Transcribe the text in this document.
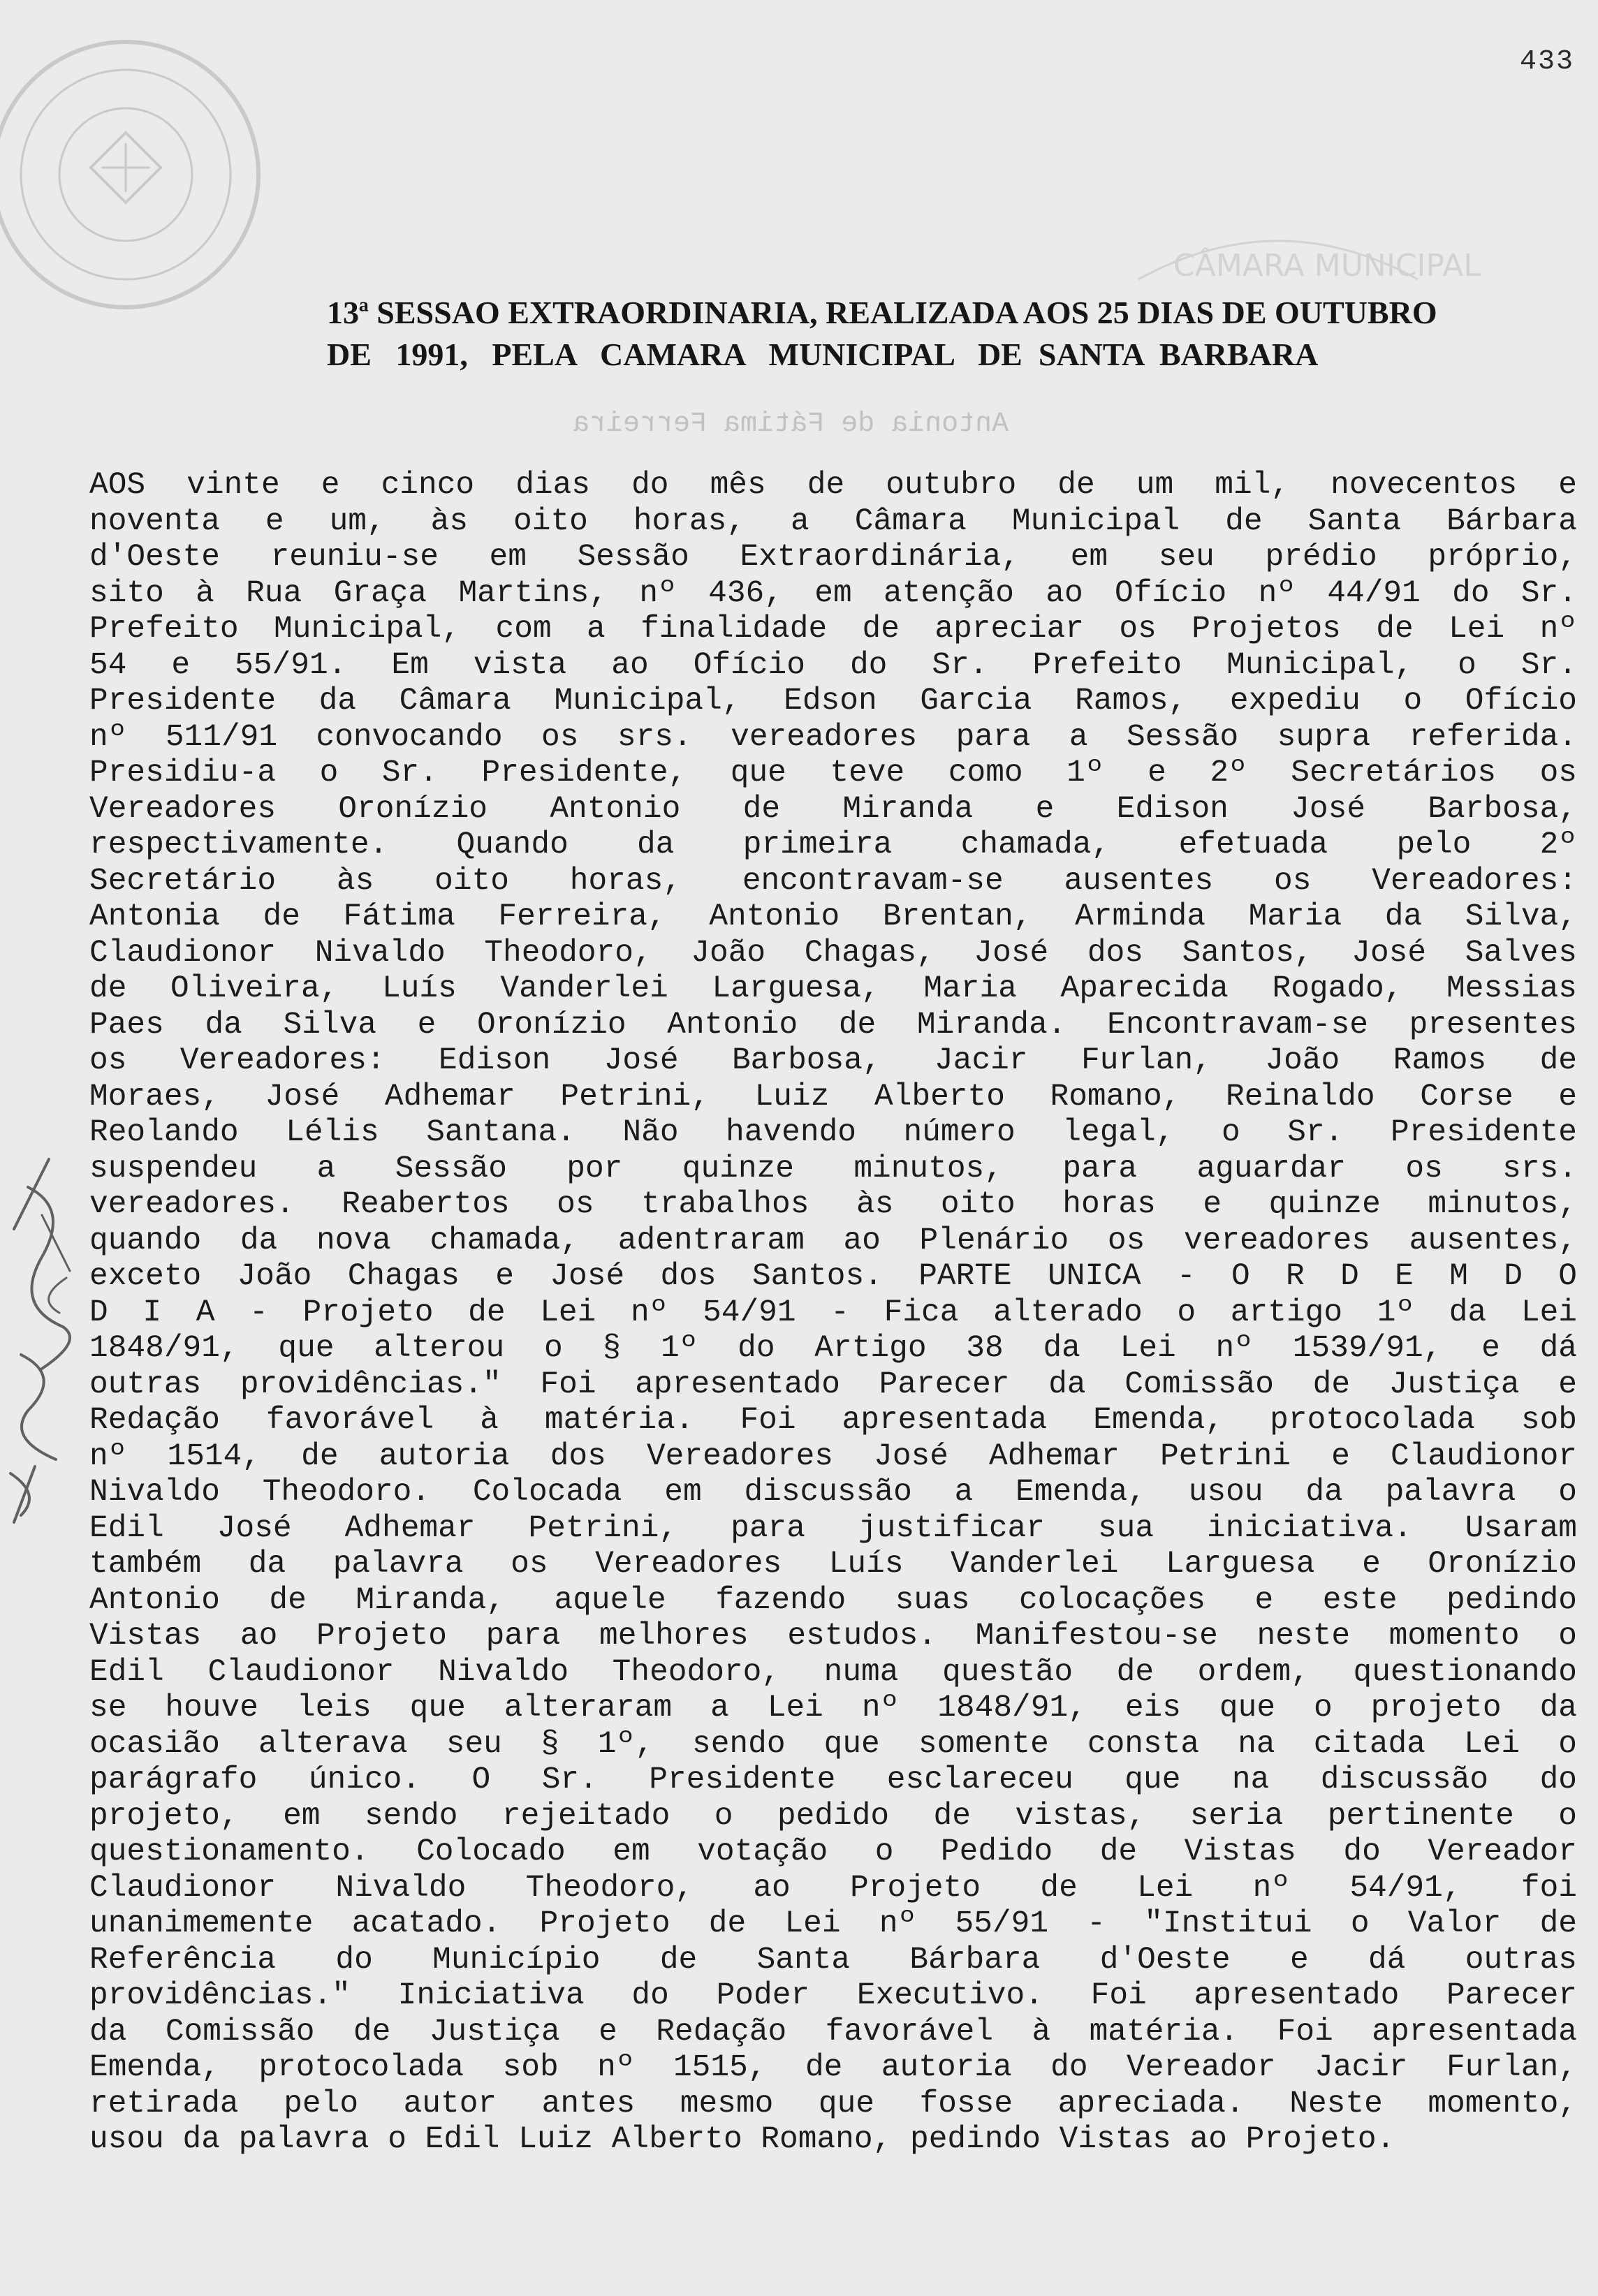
CÂMARA MUNICIPAL
433
13ª SESSAO EXTRAORDINARIA, REALIZADA AOS 25 DIAS DE OUTUBRO
DE   1991,   PELA   CAMARA   MUNICIPAL   DE  SANTA  BARBARA
Antonia de Fátima Ferreira
AOS vinte e cinco dias do mês de outubro de um mil, novecentos e
noventa e um, às oito horas, a Câmara Municipal de Santa Bárbara
d'Oeste reuniu-se em Sessão Extraordinária, em seu prédio próprio,
sito à Rua Graça Martins, nº 436, em atenção ao Ofício nº 44/91 do Sr.
Prefeito Municipal, com a finalidade de apreciar os Projetos de Lei nº
54 e 55/91. Em vista ao Ofício do Sr. Prefeito Municipal, o Sr.
Presidente da Câmara Municipal, Edson Garcia Ramos, expediu o Ofício
nº 511/91 convocando os srs. vereadores para a Sessão supra referida.
Presidiu-a o Sr. Presidente, que teve como 1º e 2º Secretários os
Vereadores Oronízio Antonio de Miranda e Edison José Barbosa,
respectivamente. Quando da primeira chamada, efetuada pelo 2º
Secretário às oito horas, encontravam-se ausentes os Vereadores:
Antonia de Fátima Ferreira, Antonio Brentan, Arminda Maria da Silva,
Claudionor Nivaldo Theodoro, João Chagas, José dos Santos, José Salves
de Oliveira, Luís Vanderlei Larguesa, Maria Aparecida Rogado, Messias
Paes da Silva e Oronízio Antonio de Miranda. Encontravam-se presentes
os Vereadores: Edison José Barbosa, Jacir Furlan, João Ramos de
Moraes, José Adhemar Petrini, Luiz Alberto Romano, Reinaldo Corse e
Reolando Lélis Santana. Não havendo número legal, o Sr. Presidente
suspendeu a Sessão por quinze minutos, para aguardar os srs.
vereadores. Reabertos os trabalhos às oito horas e quinze minutos,
quando da nova chamada, adentraram ao Plenário os vereadores ausentes,
exceto João Chagas e José dos Santos. PARTE UNICA - O R D E M D O
D I A - Projeto de Lei nº 54/91 - Fica alterado o artigo 1º da Lei
1848/91, que alterou o § 1º do Artigo 38 da Lei nº 1539/91, e dá
outras providências." Foi apresentado Parecer da Comissão de Justiça e
Redação favorável à matéria. Foi apresentada Emenda, protocolada sob
nº 1514, de autoria dos Vereadores José Adhemar Petrini e Claudionor
Nivaldo Theodoro. Colocada em discussão a Emenda, usou da palavra o
Edil José Adhemar Petrini, para justificar sua iniciativa. Usaram
também da palavra os Vereadores Luís Vanderlei Larguesa e Oronízio
Antonio de Miranda, aquele fazendo suas colocações e este pedindo
Vistas ao Projeto para melhores estudos. Manifestou-se neste momento o
Edil Claudionor Nivaldo Theodoro, numa questão de ordem, questionando
se houve leis que alteraram a Lei nº 1848/91, eis que o projeto da
ocasião alterava seu § 1º, sendo que somente consta na citada Lei o
parágrafo único. O Sr. Presidente esclareceu que na discussão do
projeto, em sendo rejeitado o pedido de vistas, seria pertinente o
questionamento. Colocado em votação o Pedido de Vistas do Vereador
Claudionor Nivaldo Theodoro, ao Projeto de Lei nº 54/91, foi
unanimemente acatado. Projeto de Lei nº 55/91 - "Institui o Valor de
Referência do Município de Santa Bárbara d'Oeste e dá outras
providências." Iniciativa do Poder Executivo. Foi apresentado Parecer
da Comissão de Justiça e Redação favorável à matéria. Foi apresentada
Emenda, protocolada sob nº 1515, de autoria do Vereador Jacir Furlan,
retirada pelo autor antes mesmo que fosse apreciada. Neste momento,
usou da palavra o Edil Luiz Alberto Romano, pedindo Vistas ao Projeto.
